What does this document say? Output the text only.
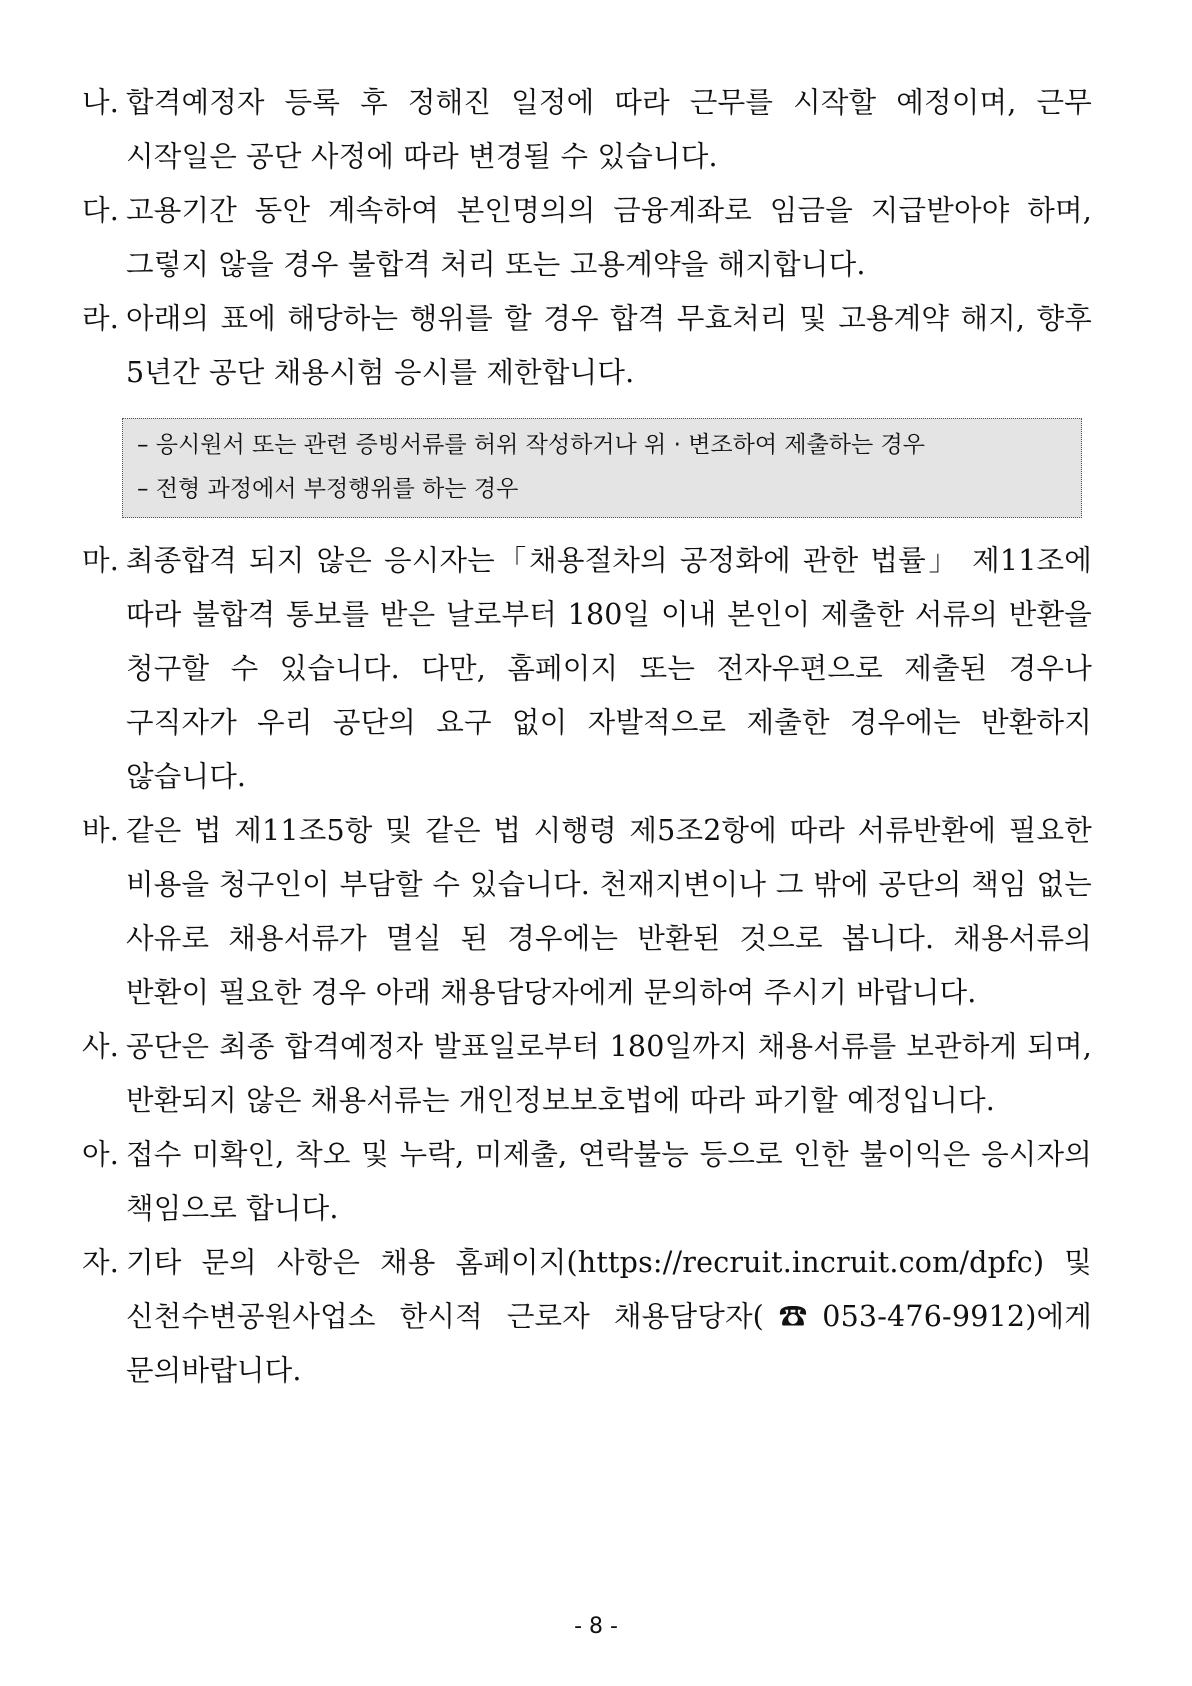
나. 합격예정자 등록 후 정해진 일정에 따라 근무를 시작할 예정이며, 근무 시작일은 공단 사정에 따라 변경될 수 있습니다.
다. 고용기간 동안 계속하여 본인명의의 금융계좌로 임금을 지급받아야 하며, 그렇지 않을 경우 불합격 처리 또는 고용계약을 해지합니다.
라. 아래의 표에 해당하는 행위를 할 경우 합격 무효처리 및 고용계약 해지, 향후 5년간 공단 채용시험 응시를 제한합니다.
– 응시원서 또는 관련 증빙서류를 허위 작성하거나 위 · 변조하여 제출하는 경우
– 전형 과정에서 부정행위를 하는 경우
마. 최종합격 되지 않은 응시자는「채용절차의 공정화에 관한 법률」 제11조에 따라 불합격 통보를 받은 날로부터 180일 이내 본인이 제출한 서류의 반환을 청구할 수 있습니다. 다만, 홈페이지 또는 전자우편으로 제출된 경우나 구직자가 우리 공단의 요구 없이 자발적으로 제출한 경우에는 반환하지 않습니다.
바. 같은 법 제11조5항 및 같은 법 시행령 제5조2항에 따라 서류반환에 필요한 비용을 청구인이 부담할 수 있습니다. 천재지변이나 그 밖에 공단의 책임 없는 사유로 채용서류가 멸실 된 경우에는 반환된 것으로 봅니다. 채용서류의 반환이 필요한 경우 아래 채용담당자에게 문의하여 주시기 바랍니다.
사. 공단은 최종 합격예정자 발표일로부터 180일까지 채용서류를 보관하게 되며, 반환되지 않은 채용서류는 개인정보보호법에 따라 파기할 예정입니다.
아. 접수 미확인, 착오 및 누락, 미제출, 연락불능 등으로 인한 불이익은 응시자의 책임으로 합니다.
자. 기타 문의 사항은 채용 홈페이지(https://recruit.incruit.com/dpfc) 및 신천수변공원사업소 한시적 근로자 채용담당자(☎053-476-9912)에게 문의바랍니다.
- 8 -
